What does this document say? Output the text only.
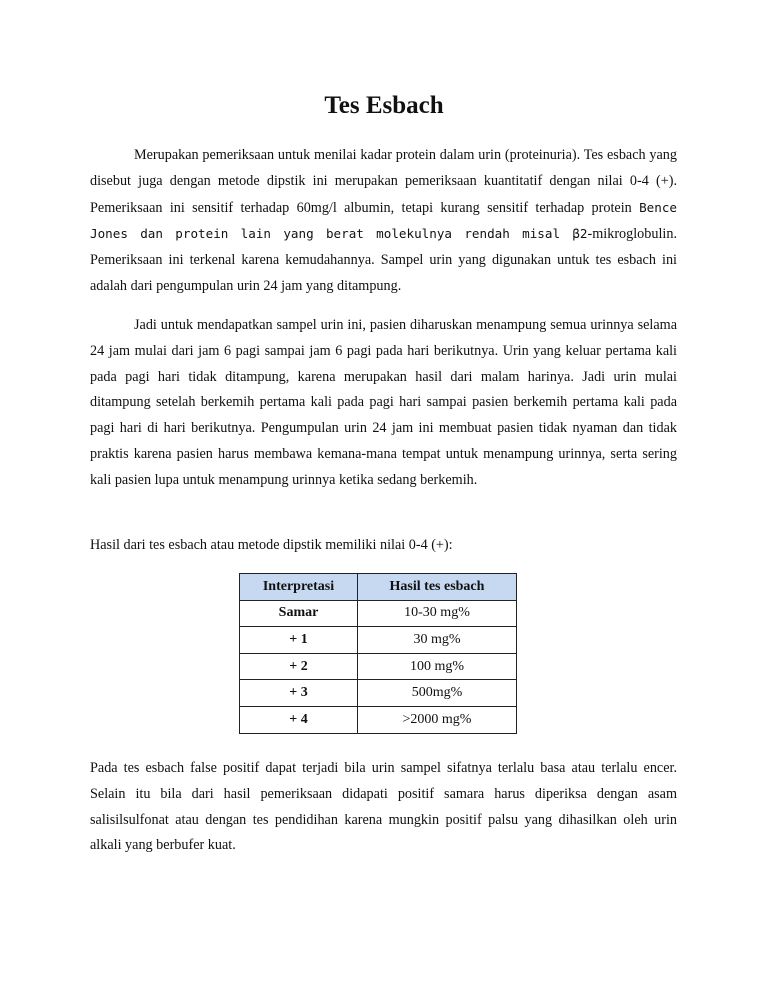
Tes Esbach

Merupakan pemeriksaan untuk menilai kadar protein dalam urin (proteinuria). Tes esbach yang disebut juga dengan metode dipstik ini merupakan pemeriksaan kuantitatif dengan nilai 0-4 (+). Pemeriksaan ini sensitif terhadap 60mg/l albumin, tetapi kurang sensitif terhadap protein Bence Jones dan protein lain yang berat molekulnya rendah misal β2-mikroglobulin. Pemeriksaan ini terkenal karena kemudahannya. Sampel urin yang digunakan untuk tes esbach ini adalah dari pengumpulan urin 24 jam yang ditampung.

Jadi untuk mendapatkan sampel urin ini, pasien diharuskan menampung semua urinnya selama 24 jam mulai dari jam 6 pagi sampai jam 6 pagi pada hari berikutnya. Urin yang keluar pertama kali pada pagi hari tidak ditampung, karena merupakan hasil dari malam harinya. Jadi urin mulai ditampung setelah berkemih pertama kali pada pagi hari sampai pasien berkemih pertama kali pada pagi hari di hari berikutnya. Pengumpulan urin 24 jam ini membuat pasien tidak nyaman dan tidak praktis karena pasien harus membawa kemana-mana tempat untuk menampung urinnya, serta sering kali pasien lupa untuk menampung urinnya ketika sedang berkemih.

Hasil dari tes esbach atau metode dipstik memiliki nilai 0-4 (+):

Interpretasi	Hasil tes esbach
Samar	10-30 mg%
+ 1	30 mg%
+ 2	100 mg%
+ 3	500mg%
+ 4	>2000 mg%

Pada tes esbach false positif dapat terjadi bila urin sampel sifatnya terlalu basa atau terlalu encer. Selain itu bila dari hasil pemeriksaan didapati positif samara harus diperiksa dengan asam salisilsulfonat atau dengan tes pendidihan karena mungkin positif palsu yang dihasilkan oleh urin alkali yang berbufer kuat.
